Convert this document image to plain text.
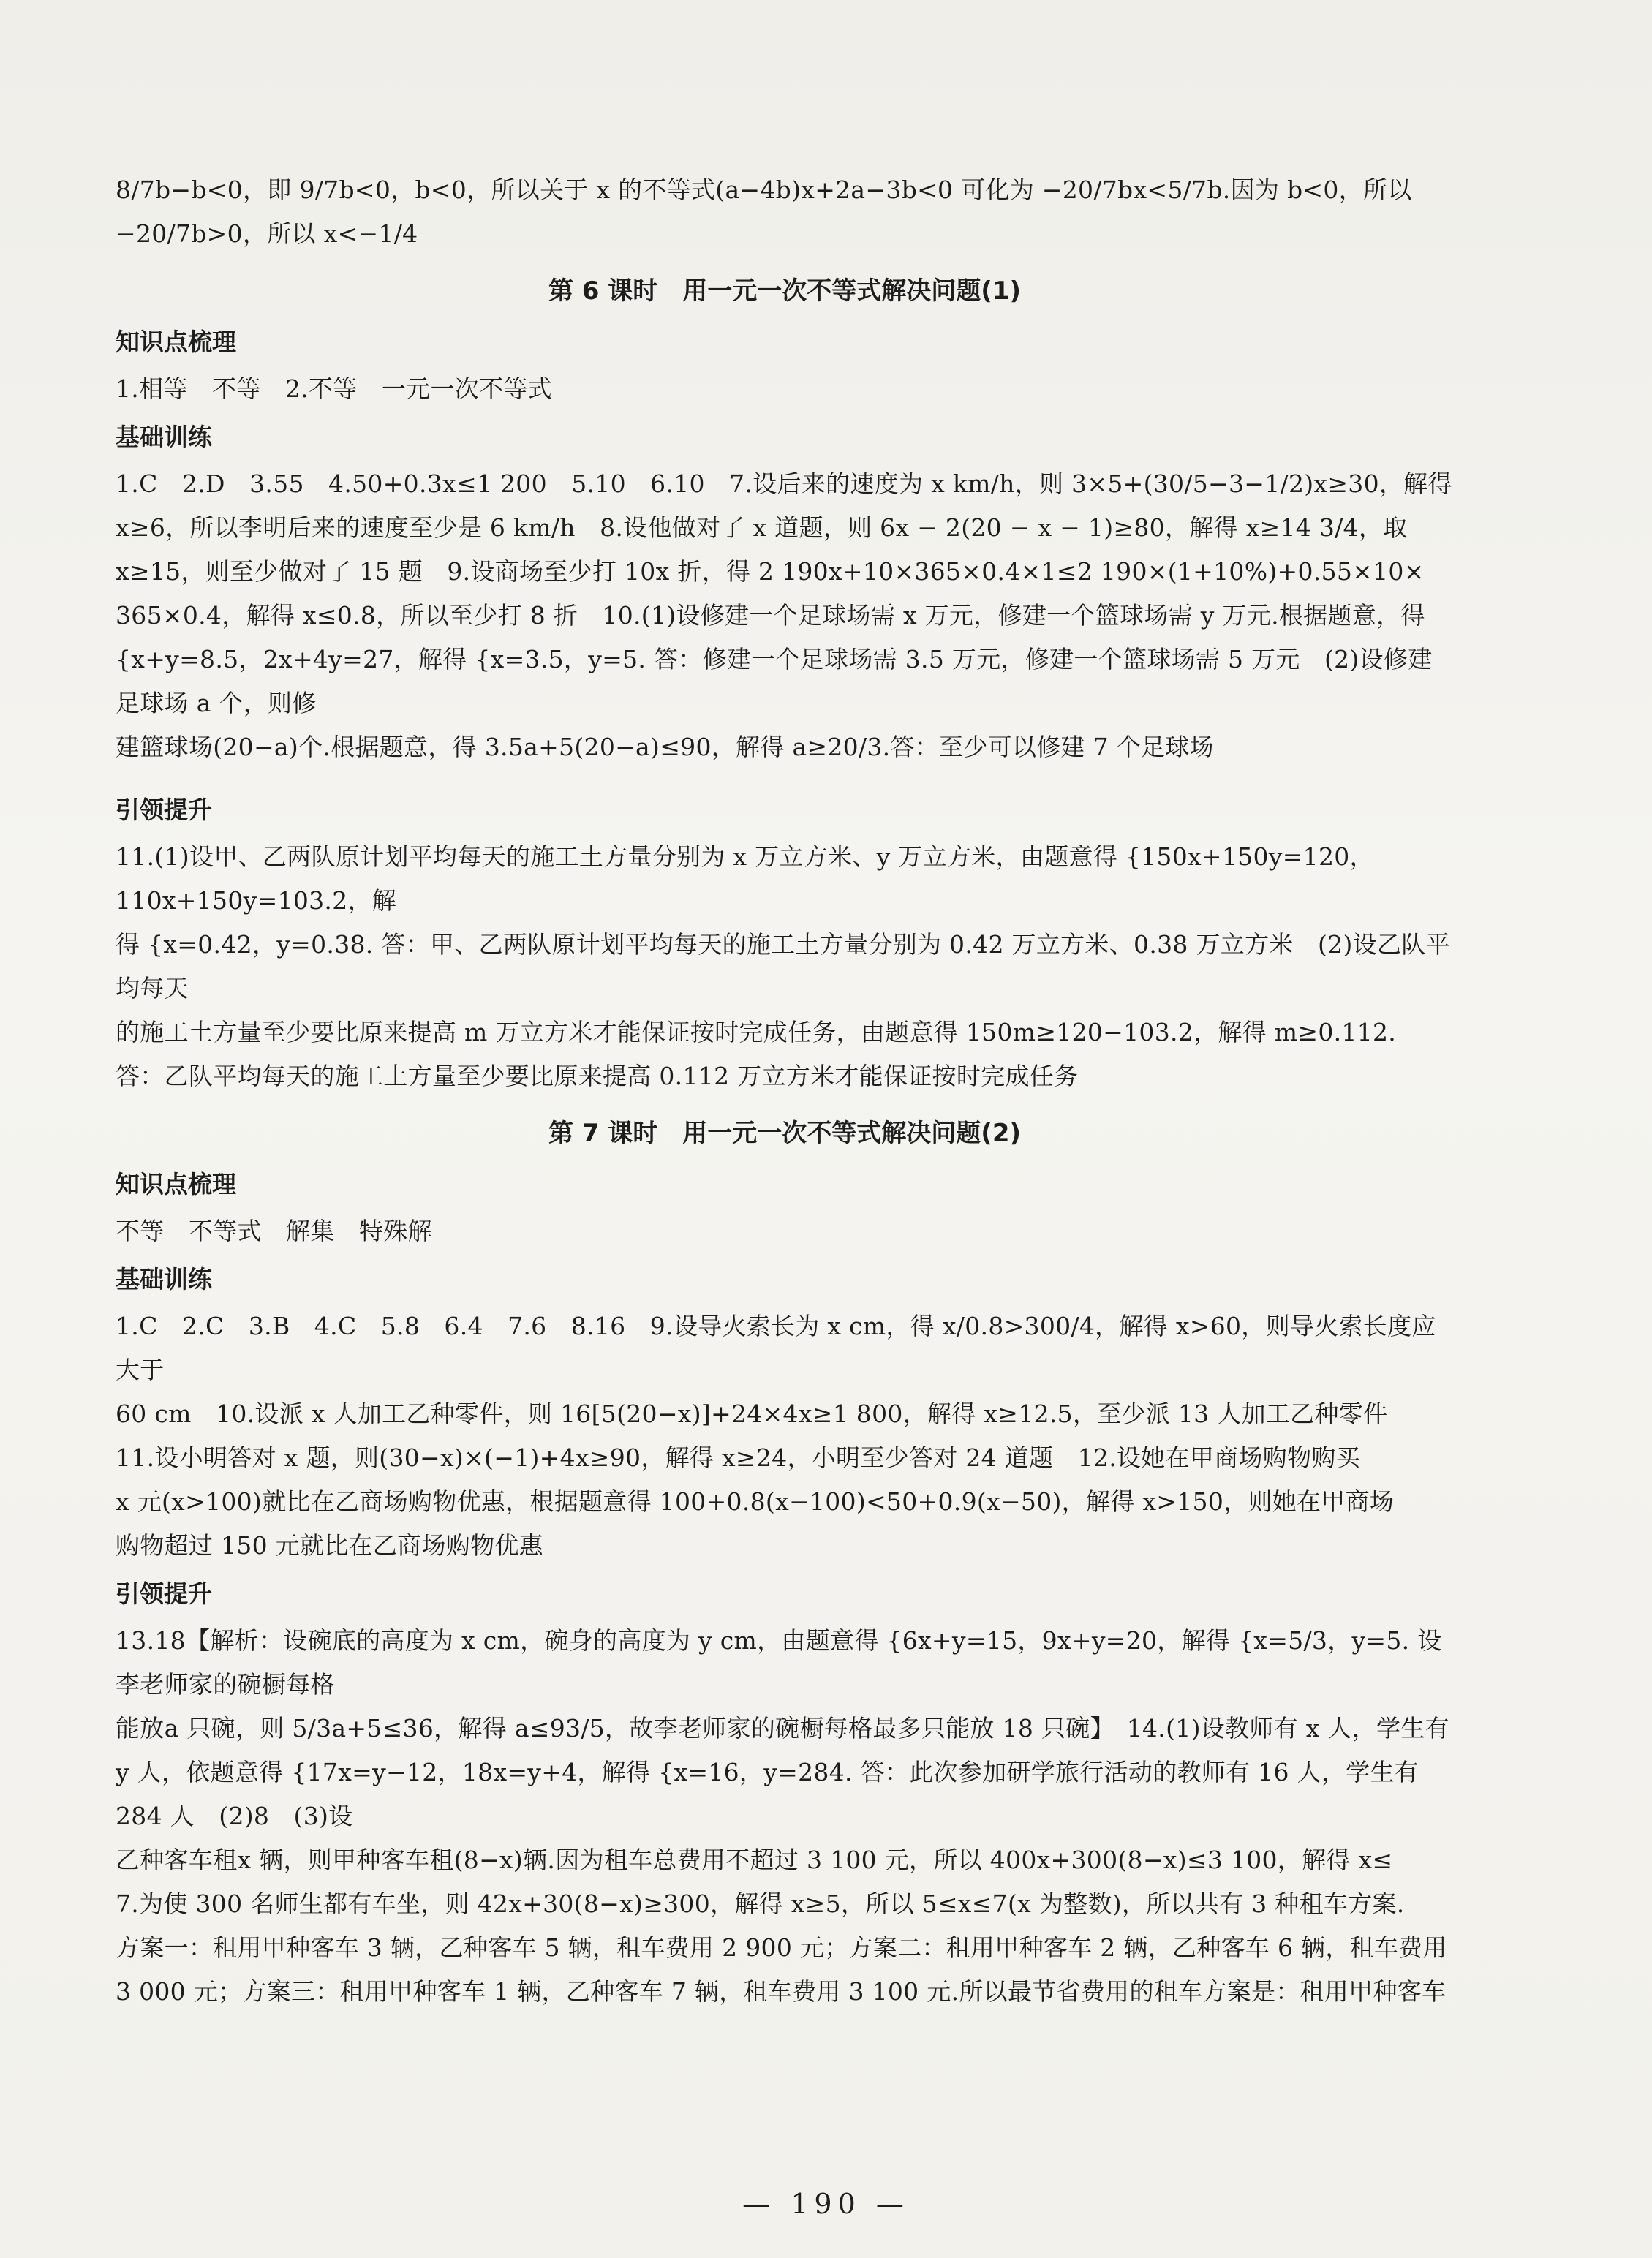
8/7b−b<0，即 9/7b<0，b<0，所以关于 x 的不等式(a−4b)x+2a−3b<0 可化为 −20/7bx<5/7b.因为 b<0，所以

−20/7b>0，所以 x<−1/4

第 6 课时　用一元一次不等式解决问题(1)
知识点梳理

1.相等　不等　2.不等　一元一次不等式

基础训练

1.C　2.D　3.55　4.50+0.3x≤1 200　5.10　6.10　7.设后来的速度为 x km/h，则 3×5+(30/5−3−1/2)x≥30，解得

x≥6，所以李明后来的速度至少是 6 km/h　8.设他做对了 x 道题，则 6x − 2(20 − x − 1)≥80，解得 x≥14 3/4，取

x≥15，则至少做对了 15 题　9.设商场至少打 10x 折，得 2 190x+10×365×0.4×1≤2 190×(1+10%)+0.55×10×

365×0.4，解得 x≤0.8，所以至少打 8 折　10.(1)设修建一个足球场需 x 万元，修建一个篮球场需 y 万元.根据题意，得

{x+y=8.5，2x+4y=27，解得 {x=3.5，y=5. 答：修建一个足球场需 3.5 万元，修建一个篮球场需 5 万元　(2)设修建足球场 a 个，则修

建篮球场(20−a)个.根据题意，得 3.5a+5(20−a)≤90，解得 a≥20/3.答：至少可以修建 7 个足球场

引领提升

11.(1)设甲、乙两队原计划平均每天的施工土方量分别为 x 万立方米、y 万立方米，由题意得 {150x+150y=120，110x+150y=103.2，解

得 {x=0.42，y=0.38. 答：甲、乙两队原计划平均每天的施工土方量分别为 0.42 万立方米、0.38 万立方米　(2)设乙队平均每天

的施工土方量至少要比原来提高 m 万立方米才能保证按时完成任务，由题意得 150m≥120−103.2，解得 m≥0.112.

答：乙队平均每天的施工土方量至少要比原来提高 0.112 万立方米才能保证按时完成任务

第 7 课时　用一元一次不等式解决问题(2)
知识点梳理

不等　不等式　解集　特殊解

基础训练

1.C　2.C　3.B　4.C　5.8　6.4　7.6　8.16　9.设导火索长为 x cm，得 x/0.8>300/4，解得 x>60，则导火索长度应大于

60 cm　10.设派 x 人加工乙种零件，则 16[5(20−x)]+24×4x≥1 800，解得 x≥12.5，至少派 13 人加工乙种零件

11.设小明答对 x 题，则(30−x)×(−1)+4x≥90，解得 x≥24，小明至少答对 24 道题　12.设她在甲商场购物购买

x 元(x>100)就比在乙商场购物优惠，根据题意得 100+0.8(x−100)<50+0.9(x−50)，解得 x>150，则她在甲商场

购物超过 150 元就比在乙商场购物优惠

引领提升

13.18【解析：设碗底的高度为 x cm，碗身的高度为 y cm，由题意得 {6x+y=15，9x+y=20，解得 {x=5/3，y=5. 设李老师家的碗橱每格

能放a 只碗，则 5/3a+5≤36，解得 a≤93/5，故李老师家的碗橱每格最多只能放 18 只碗】　14.(1)设教师有 x 人，学生有

y 人，依题意得 {17x=y−12，18x=y+4，解得 {x=16，y=284. 答：此次参加研学旅行活动的教师有 16 人，学生有 284 人　(2)8　(3)设

乙种客车租x 辆，则甲种客车租(8−x)辆.因为租车总费用不超过 3 100 元，所以 400x+300(8−x)≤3 100，解得 x≤

7.为使 300 名师生都有车坐，则 42x+30(8−x)≥300，解得 x≥5，所以 5≤x≤7(x 为整数)，所以共有 3 种租车方案.

方案一：租用甲种客车 3 辆，乙种客车 5 辆，租车费用 2 900 元；方案二：租用甲种客车 2 辆，乙种客车 6 辆，租车费用

3 000 元；方案三：租用甲种客车 1 辆，乙种客车 7 辆，租车费用 3 100 元.所以最节省费用的租车方案是：租用甲种客车

— 190 —
